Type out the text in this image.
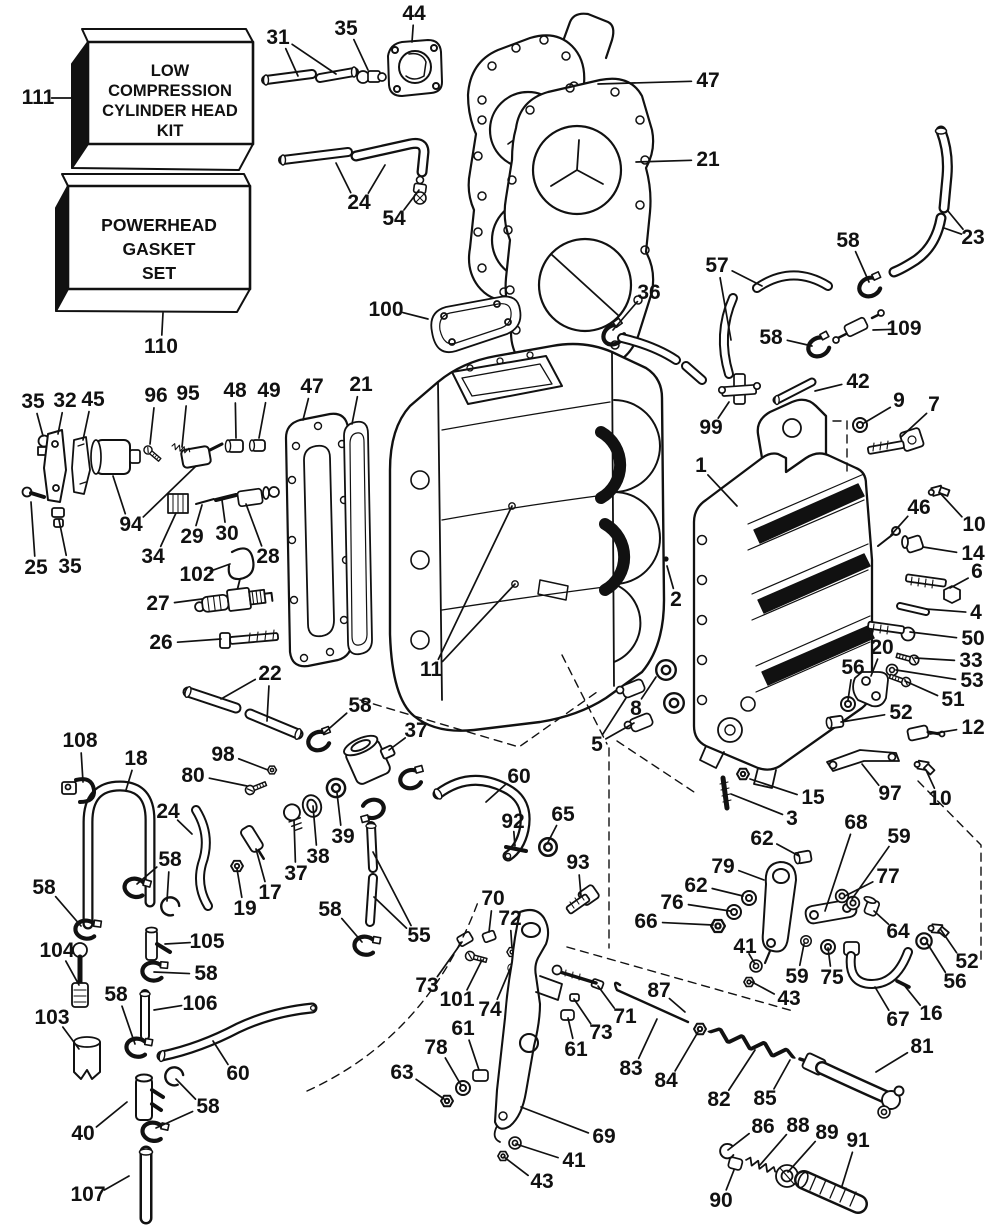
LOW
COMPRESSION
CYLINDER HEAD
KIT
POWERHEAD
GASKET
SET
111
110
31 35
44
47
21
23
24
54
100
36
57
58
109
58
42
99
9 7
35 32 45 96 95 48 49 47 21
94
34
29 30
28
25 35	102
27
26
22
1
2
11
8
5
10
46
14
6
4
50
33
53
51
20
56
52
12
97 10
15
3
108
18	98
80
24
58
58
37
58
39
38
37
17
19
55
58
60
92 65
93
70
72
73
101 74
61
78
63
66
76
62
79
62
68
59
77
64
41
59 75
43
52
56
67 16
87
71
73
61
83
84
82 85
81
69
41
43
86 88 89 91
90
104	105
58
103
106
58
60
58
40
107
